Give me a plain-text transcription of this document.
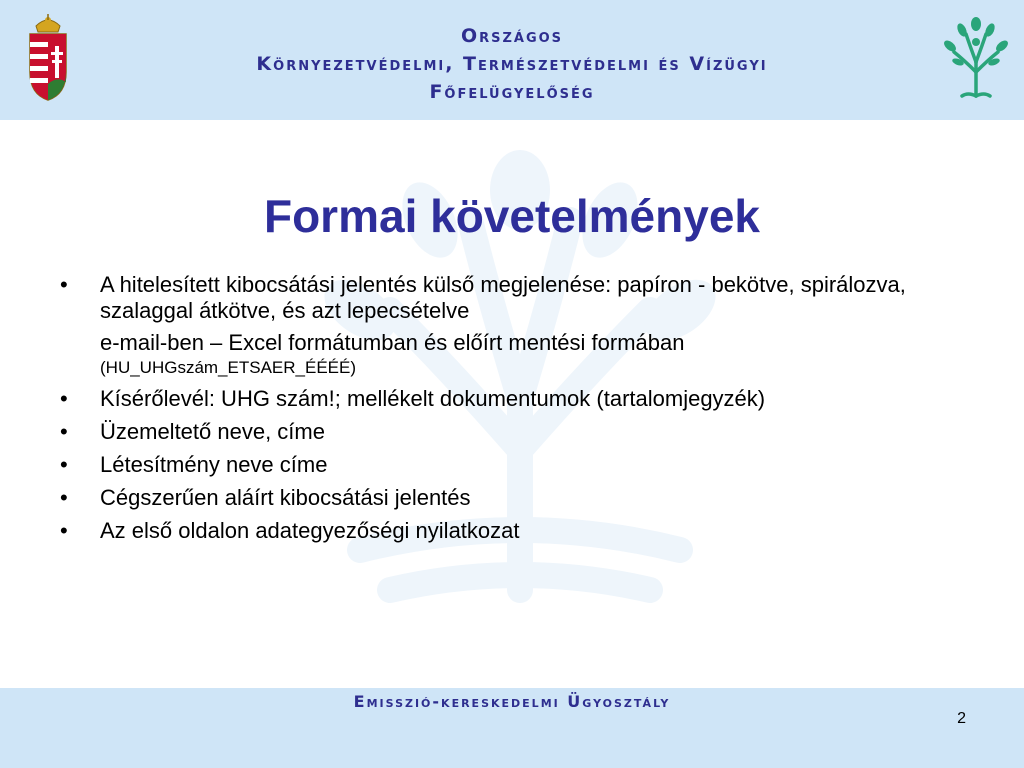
Országos
Környezetvédelmi, Természetvédelmi és Vízügyi
Főfelügyelőség
Formai követelmények
• A hitelesített kibocsátási jelentés külső megjelenése: papíron - bekötve, spirálozva, szalaggal átkötve, és azt lepecsételve
e-mail-ben – Excel formátumban és előírt mentési formában
(HU_UHGszám_ETSAER_ÉÉÉÉ)
• Kísérőlevél: UHG szám!; mellékelt dokumentumok (tartalomjegyzék)
• Üzemeltető neve, címe
• Létesítmény neve címe
• Cégszerűen aláírt kibocsátási jelentés
• Az első oldalon adategyezőségi nyilatkozat
Emisszió-kereskedelmi Ügyosztály
2
